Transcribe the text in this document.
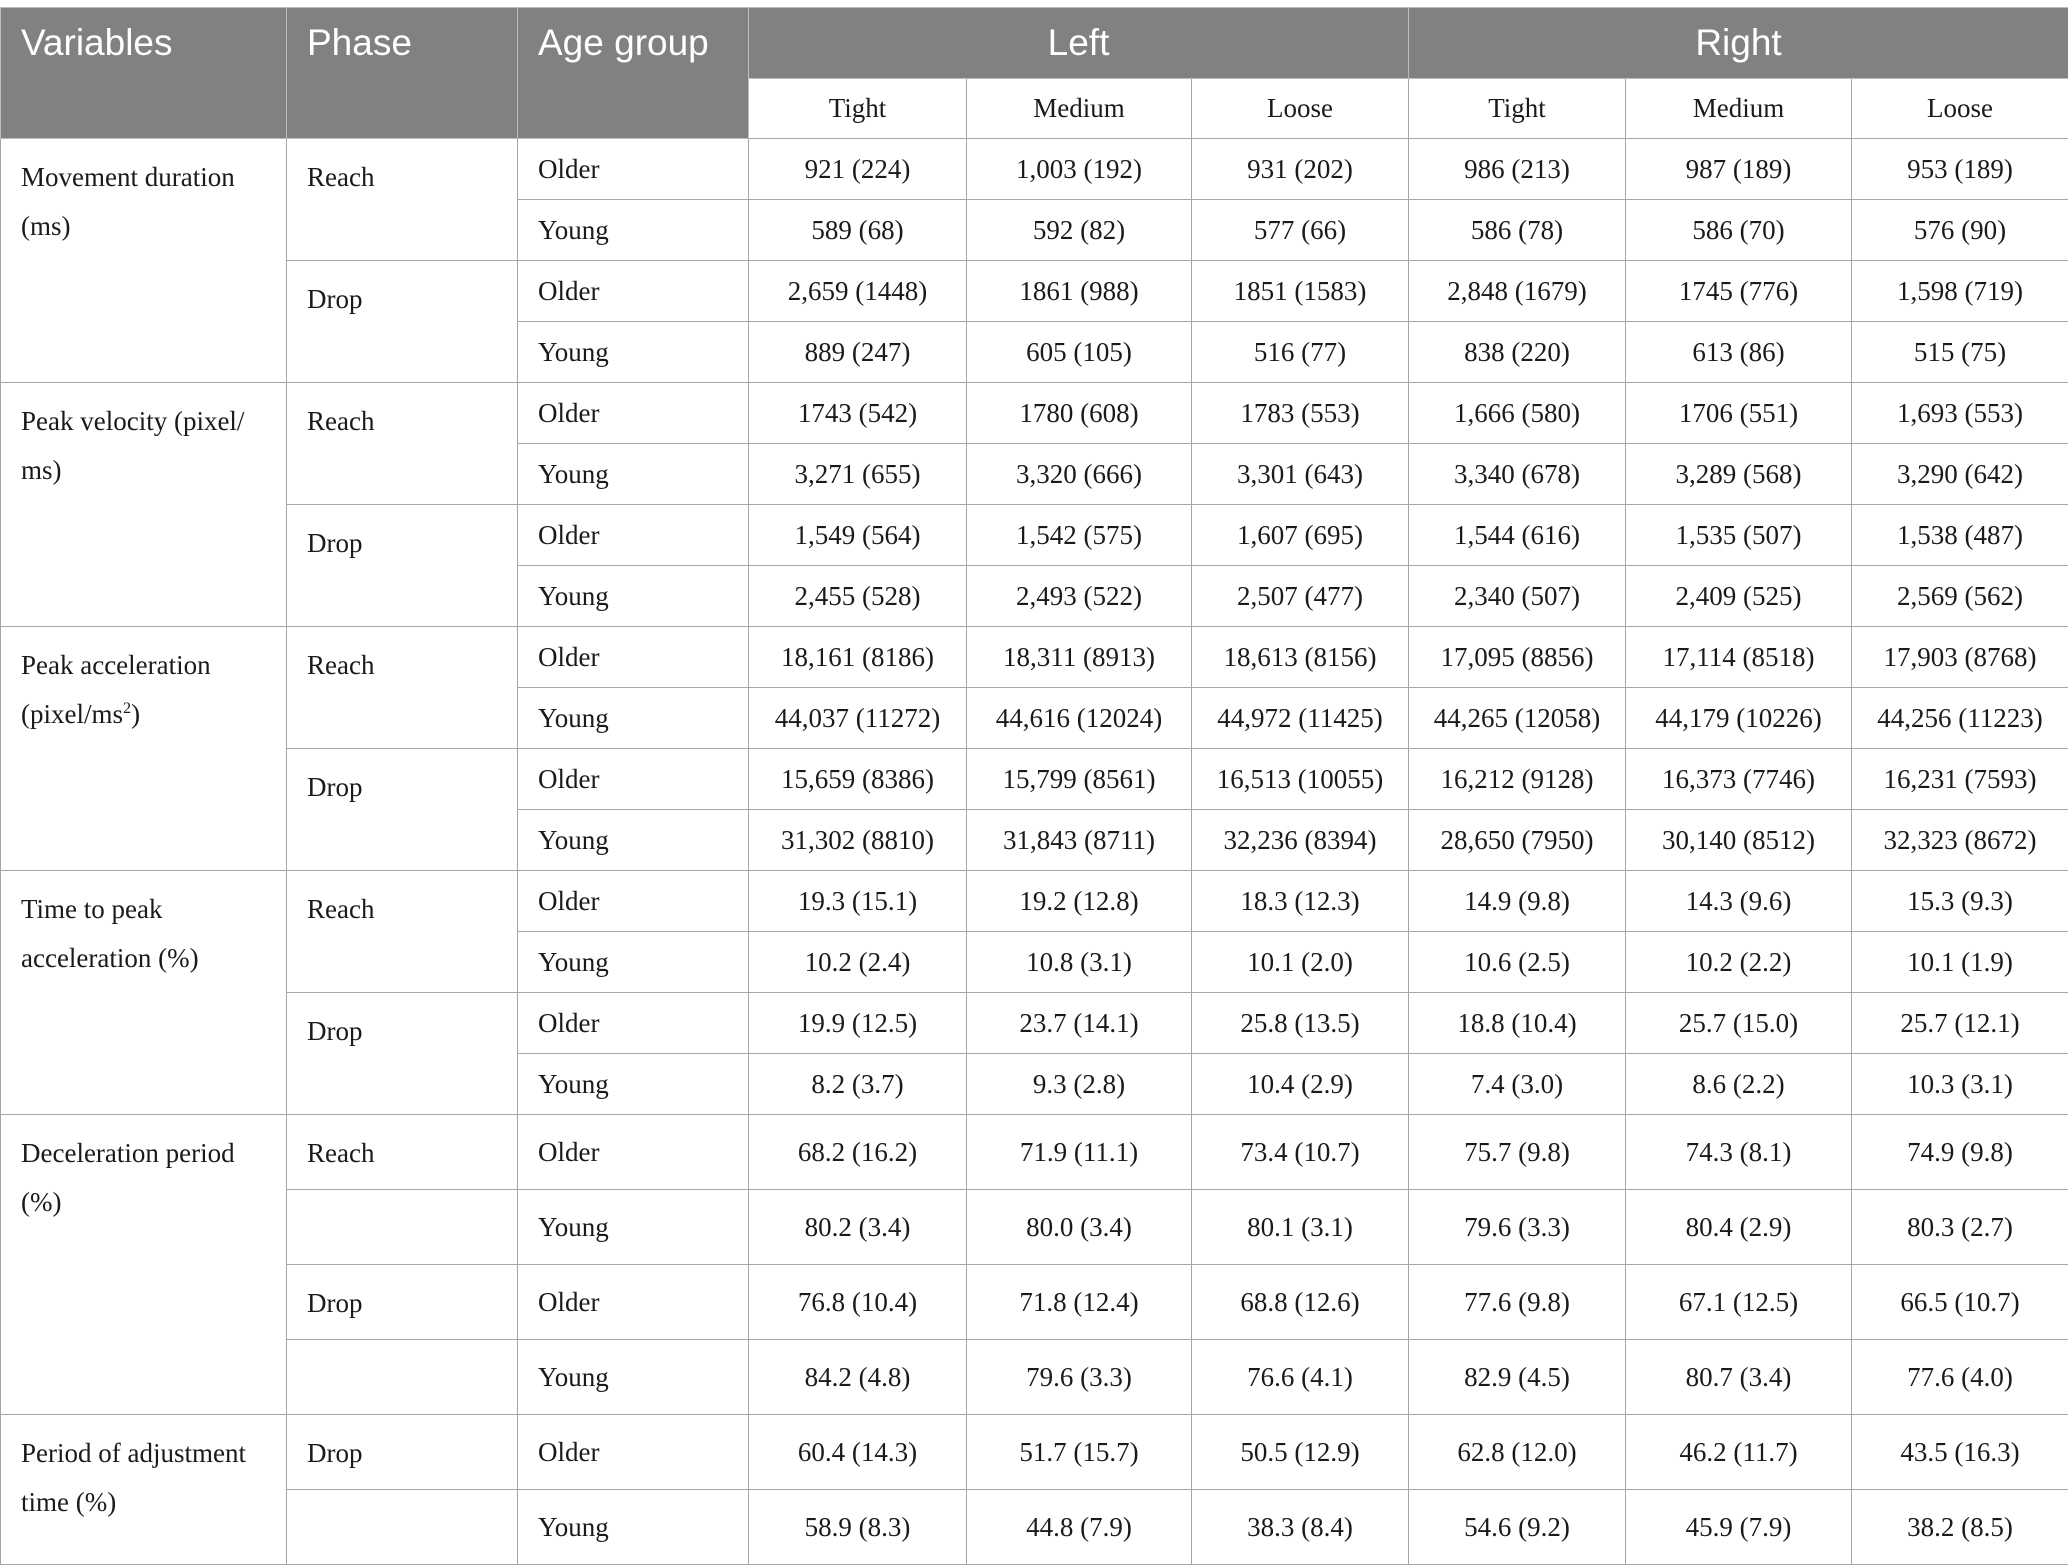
Variables	Phase	Age group	Left			Right		
			Tight	Medium	Loose	Tight	Medium	Loose
Movement duration (ms)	Reach	Older	921 (224)	1,003 (192)	931 (202)	986 (213)	987 (189)	953 (189)
		Young	589 (68)	592 (82)	577 (66)	586 (78)	586 (70)	576 (90)
	Drop	Older	2,659 (1448)	1861 (988)	1851 (1583)	2,848 (1679)	1745 (776)	1,598 (719)
		Young	889 (247)	605 (105)	516 (77)	838 (220)	613 (86)	515 (75)
Peak velocity (pixel/ ms)	Reach	Older	1743 (542)	1780 (608)	1783 (553)	1,666 (580)	1706 (551)	1,693 (553)
		Young	3,271 (655)	3,320 (666)	3,301 (643)	3,340 (678)	3,289 (568)	3,290 (642)
	Drop	Older	1,549 (564)	1,542 (575)	1,607 (695)	1,544 (616)	1,535 (507)	1,538 (487)
		Young	2,455 (528)	2,493 (522)	2,507 (477)	2,340 (507)	2,409 (525)	2,569 (562)
Peak acceleration $(pixel/ms^2)$	Reach	Older	18,161 (8186)	18,311 (8913)	18,613 (8156)	17,095 (8856)	17,114 (8518)	17,903 (8768)
		Young	44,037 (11272)	44,616 (12024)	44,972 (11425)	44,265 (12058)	44,179 (10226)	44,256 (11223)
	Drop	Older	15,659 (8386)	15,799 (8561)	16,513 (10055)	16,212 (9128)	16,373 (7746)	16,231 (7593)
		Young	31,302 (8810)	31,843 (8711)	32,236 (8394)	28,650 (7950)	30,140 (8512)	32,323 (8672)
Time to peak acceleration (%)	Reach	Older	19.3 (15.1)	19.2 (12.8)	18.3 (12.3)	14.9 (9.8)	14.3 (9.6)	15.3 (9.3)
		Young	10.2 (2.4)	10.8 (3.1)	10.1 (2.0)	10.6 (2.5)	10.2 (2.2)	10.1 (1.9)
	Drop	Older	19.9 (12.5)	23.7 (14.1)	25.8 (13.5)	18.8 (10.4)	25.7 (15.0)	25.7 (12.1)
		Young	8.2 (3.7)	9.3 (2.8)	10.4 (2.9)	7.4 (3.0)	8.6 (2.2)	10.3 (3.1)
Deceleration period (%)	Reach	Older	68.2 (16.2)	71.9 (11.1)	73.4 (10.7)	75.7 (9.8)	74.3 (8.1)	74.9 (9.8)
		Young	80.2 (3.4)	80.0 (3.4)	80.1 (3.1)	79.6 (3.3)	80.4 (2.9)	80.3 (2.7)
	Drop	Older	76.8 (10.4)	71.8 (12.4)	68.8 (12.6)	77.6 (9.8)	67.1 (12.5)	66.5 (10.7)
		Young	84.2 (4.8)	79.6 (3.3)	76.6 (4.1)	82.9 (4.5)	80.7 (3.4)	77.6 (4.0)
Period of adjustment time (%)	Drop	Older	60.4 (14.3)	51.7 (15.7)	50.5 (12.9)	62.8 (12.0)	46.2 (11.7)	43.5 (16.3)
		Young	58.9 (8.3)	44.8 (7.9)	38.3 (8.4)	54.6 (9.2)	45.9 (7.9)	38.2 (8.5)
